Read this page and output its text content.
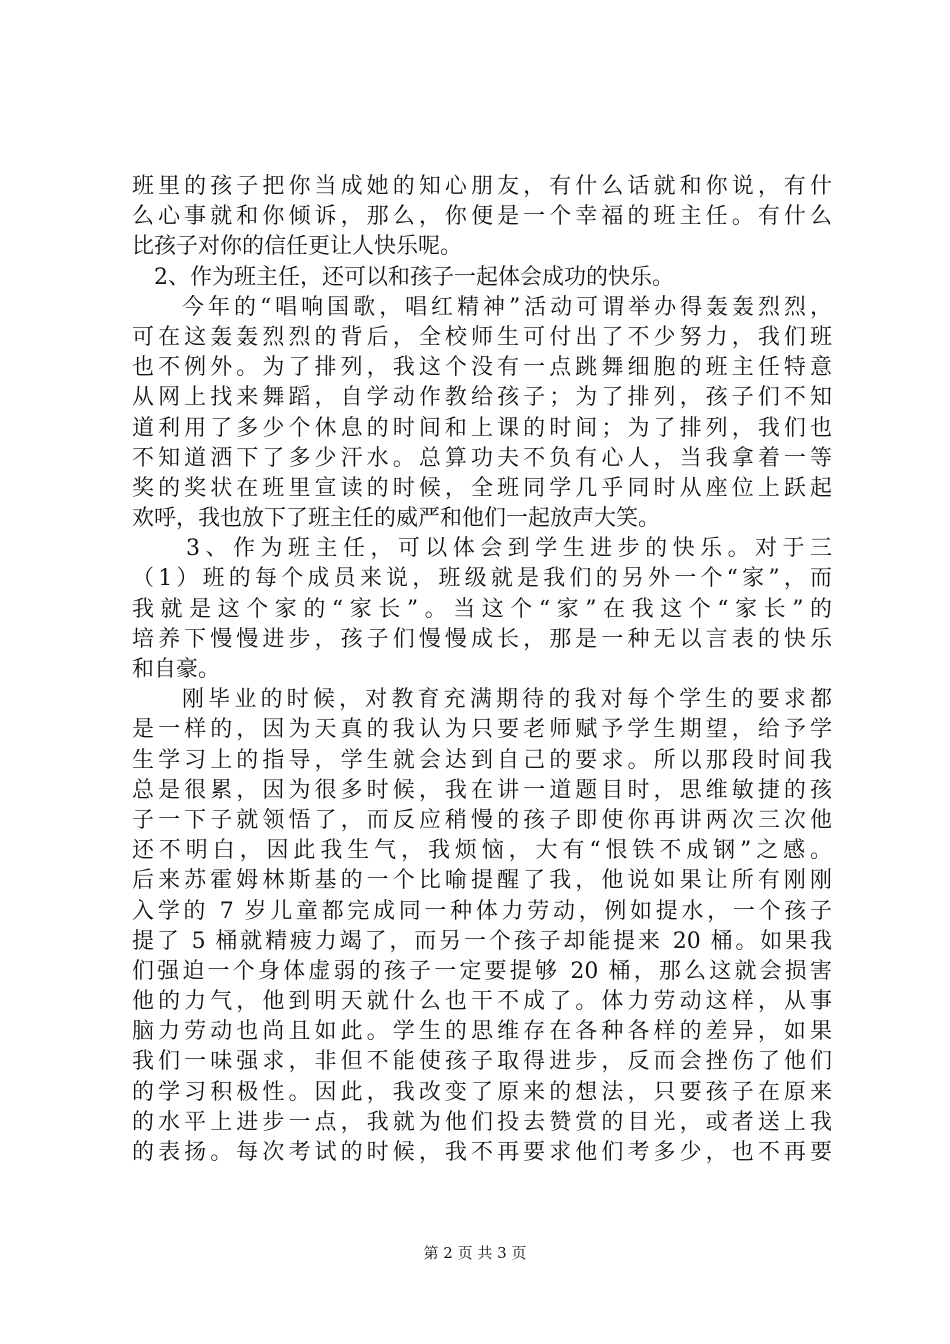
班里的孩子把你当成她的知心朋友，有什么话就和你说，有什
么心事就和你倾诉，那么，你便是一个幸福的班主任。有什么
比孩子对你的信任更让人快乐呢。
2、作为班主任，还可以和孩子一起体会成功的快乐。
今年的“唱响国歌，唱红精神”活动可谓举办得轰轰烈烈，
可在这轰轰烈烈的背后，全校师生可付出了不少努力，我们班
也不例外。为了排列，我这个没有一点跳舞细胞的班主任特意
从网上找来舞蹈，自学动作教给孩子；为了排列，孩子们不知
道利用了多少个休息的时间和上课的时间；为了排列，我们也
不知道洒下了多少汗水。总算功夫不负有心人，当我拿着一等
奖的奖状在班里宣读的时候，全班同学几乎同时从座位上跃起
欢呼，我也放下了班主任的威严和他们一起放声大笑。
3、作为班主任，可以体会到学生进步的快乐。对于三
（1）班的每个成员来说，班级就是我们的另外一个“家”，而
我就是这个家的“家长”。当这个“家”在我这个“家长”的
培养下慢慢进步，孩子们慢慢成长，那是一种无以言表的快乐
和自豪。
刚毕业的时候，对教育充满期待的我对每个学生的要求都
是一样的，因为天真的我认为只要老师赋予学生期望，给予学
生学习上的指导，学生就会达到自己的要求。所以那段时间我
总是很累，因为很多时候，我在讲一道题目时，思维敏捷的孩
子一下子就领悟了，而反应稍慢的孩子即使你再讲两次三次他
还不明白，因此我生气，我烦恼，大有“恨铁不成钢”之感。
后来苏霍姆林斯基的一个比喻提醒了我，他说如果让所有刚刚
入学的 7 岁儿童都完成同一种体力劳动，例如提水，一个孩子
提了 5 桶就精疲力竭了，而另一个孩子却能提来 20 桶。如果我
们强迫一个身体虚弱的孩子一定要提够 20 桶，那么这就会损害
他的力气，他到明天就什么也干不成了。体力劳动这样，从事
脑力劳动也尚且如此。学生的思维存在各种各样的差异，如果
我们一味强求，非但不能使孩子取得进步，反而会挫伤了他们
的学习积极性。因此，我改变了原来的想法，只要孩子在原来
的水平上进步一点，我就为他们投去赞赏的目光，或者送上我
的表扬。每次考试的时候，我不再要求他们考多少，也不再要
第 2 页 共 3 页
